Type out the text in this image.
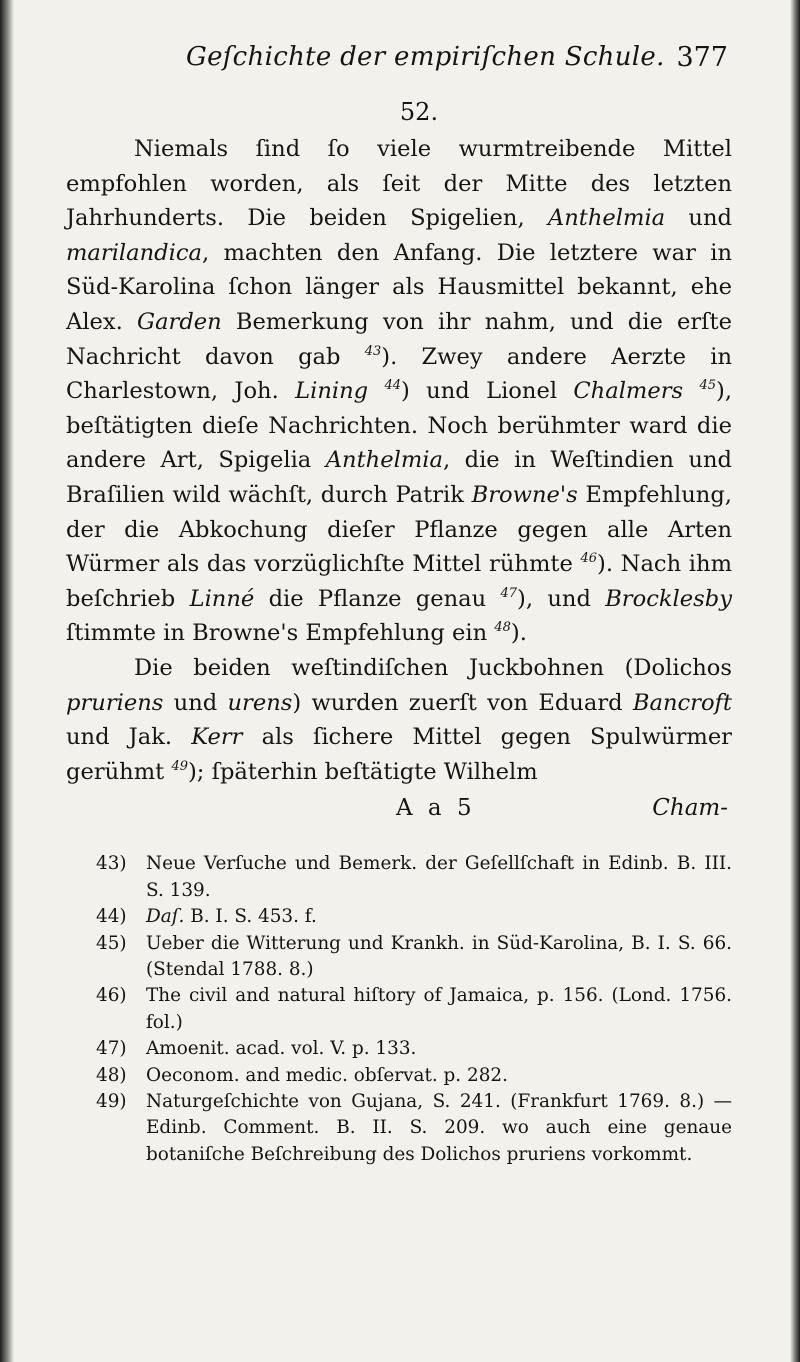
Geſchichte der empiriſchen Schule. 377
52.

Niemals ſind ſo viele wurmtreibende Mittel empfohlen worden, als ſeit der Mitte des letzten Jahrhunderts. Die beiden Spigelien, Anthelmia und marilandica, machten den Anfang. Die letztere war in Süd-Karolina ſchon länger als Hausmittel bekannt, ehe Alex. Garden Bemerkung von ihr nahm, und die erſte Nachricht davon gab $^{43}$). Zwey andere Aerzte in Charlestown, Joh. Lining $^{44}$) und Lionel Chalmers $^{45}$), beſtätigten dieſe Nachrichten. Noch berühmter ward die andere Art, Spigelia Anthelmia, die in Weſtindien und Braſilien wild wächſt, durch Patrik Browne's Empfehlung, der die Abkochung dieſer Pflanze gegen alle Arten Würmer als das vorzüglichſte Mittel rühmte $^{46}$). Nach ihm beſchrieb Linné die Pflanze genau $^{47}$), und Brocklesby ſtimmte in Browne's Empfehlung ein $^{48}$).

Die beiden weſtindiſchen Juckbohnen (Dolichos pruriens und urens) wurden zuerſt von Eduard Bancroft und Jak. Kerr als ſichere Mittel gegen Spulwürmer gerühmt $^{49}$); ſpäterhin beſtätigte Wilhelm

A a 5	Cham-
43)	Neue Verſuche und Bemerk. der Geſellſchaft in Edinb. B. III. S. 139.
44)	Daſ. B. I. S. 453. f.
45)	Ueber die Witterung und Krankh. in Süd-Karolina, B. I. S. 66. (Stendal 1788. 8.)
46)	The civil and natural hiſtory of Jamaica, p. 156. (Lond. 1756. fol.)
47)	Amoenit. acad. vol. V. p. 133.
48)	Oeconom. and medic. obſervat. p. 282.
49)	Naturgeſchichte von Gujana, S. 241. (Frankfurt 1769. 8.) — Edinb. Comment. B. II. S. 209. wo auch eine genaue botaniſche Beſchreibung des Dolichos pruriens vorkommt.
